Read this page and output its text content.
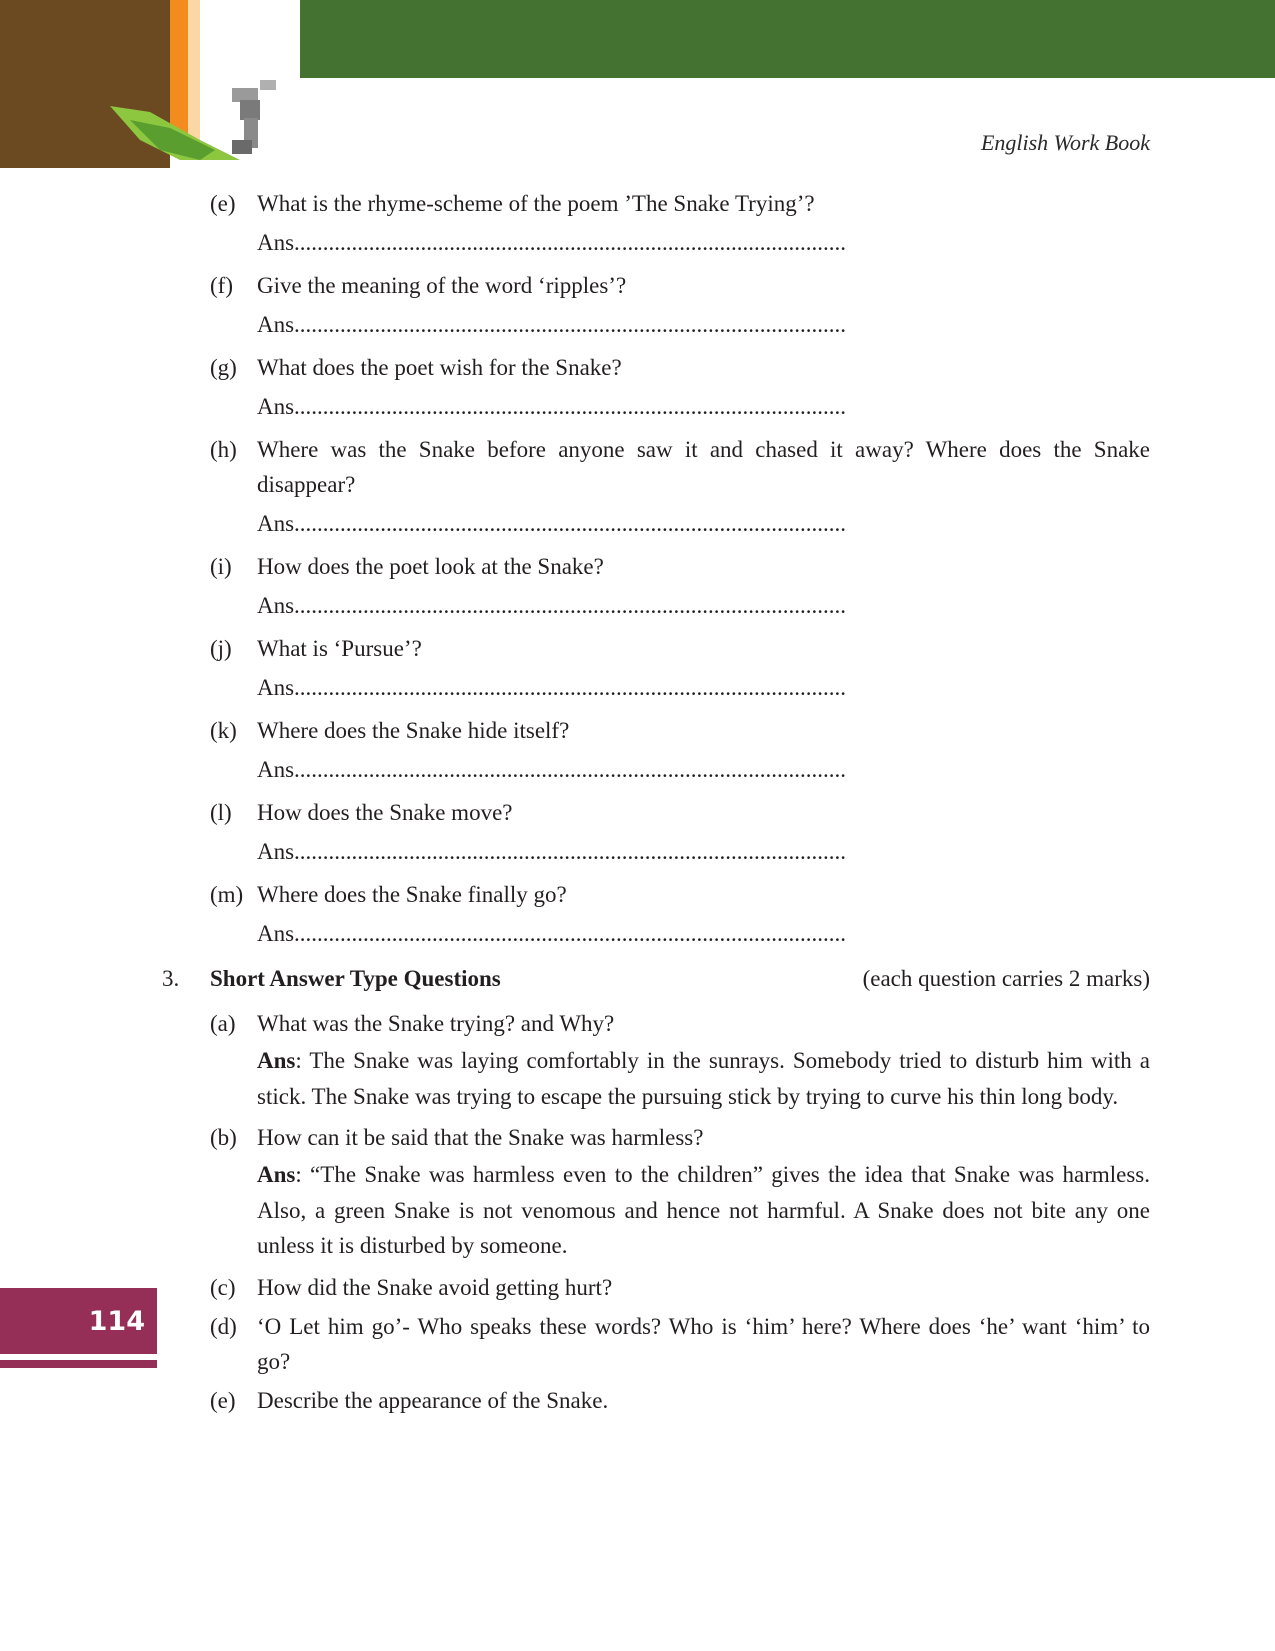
English Work Book
(e) What is the rhyme-scheme of the poem ’The Snake Trying’?
Ans................................................................................................
(f) Give the meaning of the word ‘ripples’?
Ans................................................................................................
(g) What does the poet wish for the Snake?
Ans................................................................................................
(h) Where was the Snake before anyone saw it and chased it away? Where does the Snake disappear?
Ans................................................................................................
(i) How does the poet look at the Snake?
Ans................................................................................................
(j) What is ‘Pursue’?
Ans................................................................................................
(k) Where does the Snake hide itself?
Ans................................................................................................
(l) How does the Snake move?
Ans................................................................................................
(m) Where does the Snake finally go?
Ans................................................................................................
3. Short Answer Type Questions	(each question carries 2 marks)
(a) What was the Snake trying? and Why?
Ans: The Snake was laying comfortably in the sunrays. Somebody tried to disturb him with a stick. The Snake was trying to escape the pursuing stick by trying to curve his thin long body.
(b) How can it be said that the Snake was harmless?
Ans: “The Snake was harmless even to the children” gives the idea that Snake was harmless. Also, a green Snake is not venomous and hence not harmful. A Snake does not bite any one unless it is disturbed by someone.
(c) How did the Snake avoid getting hurt?
(d) ‘O Let him go’- Who speaks these words? Who is ‘him’ here? Where does ‘he’ want ‘him’ to go?
(e) Describe the appearance of the Snake.
114
